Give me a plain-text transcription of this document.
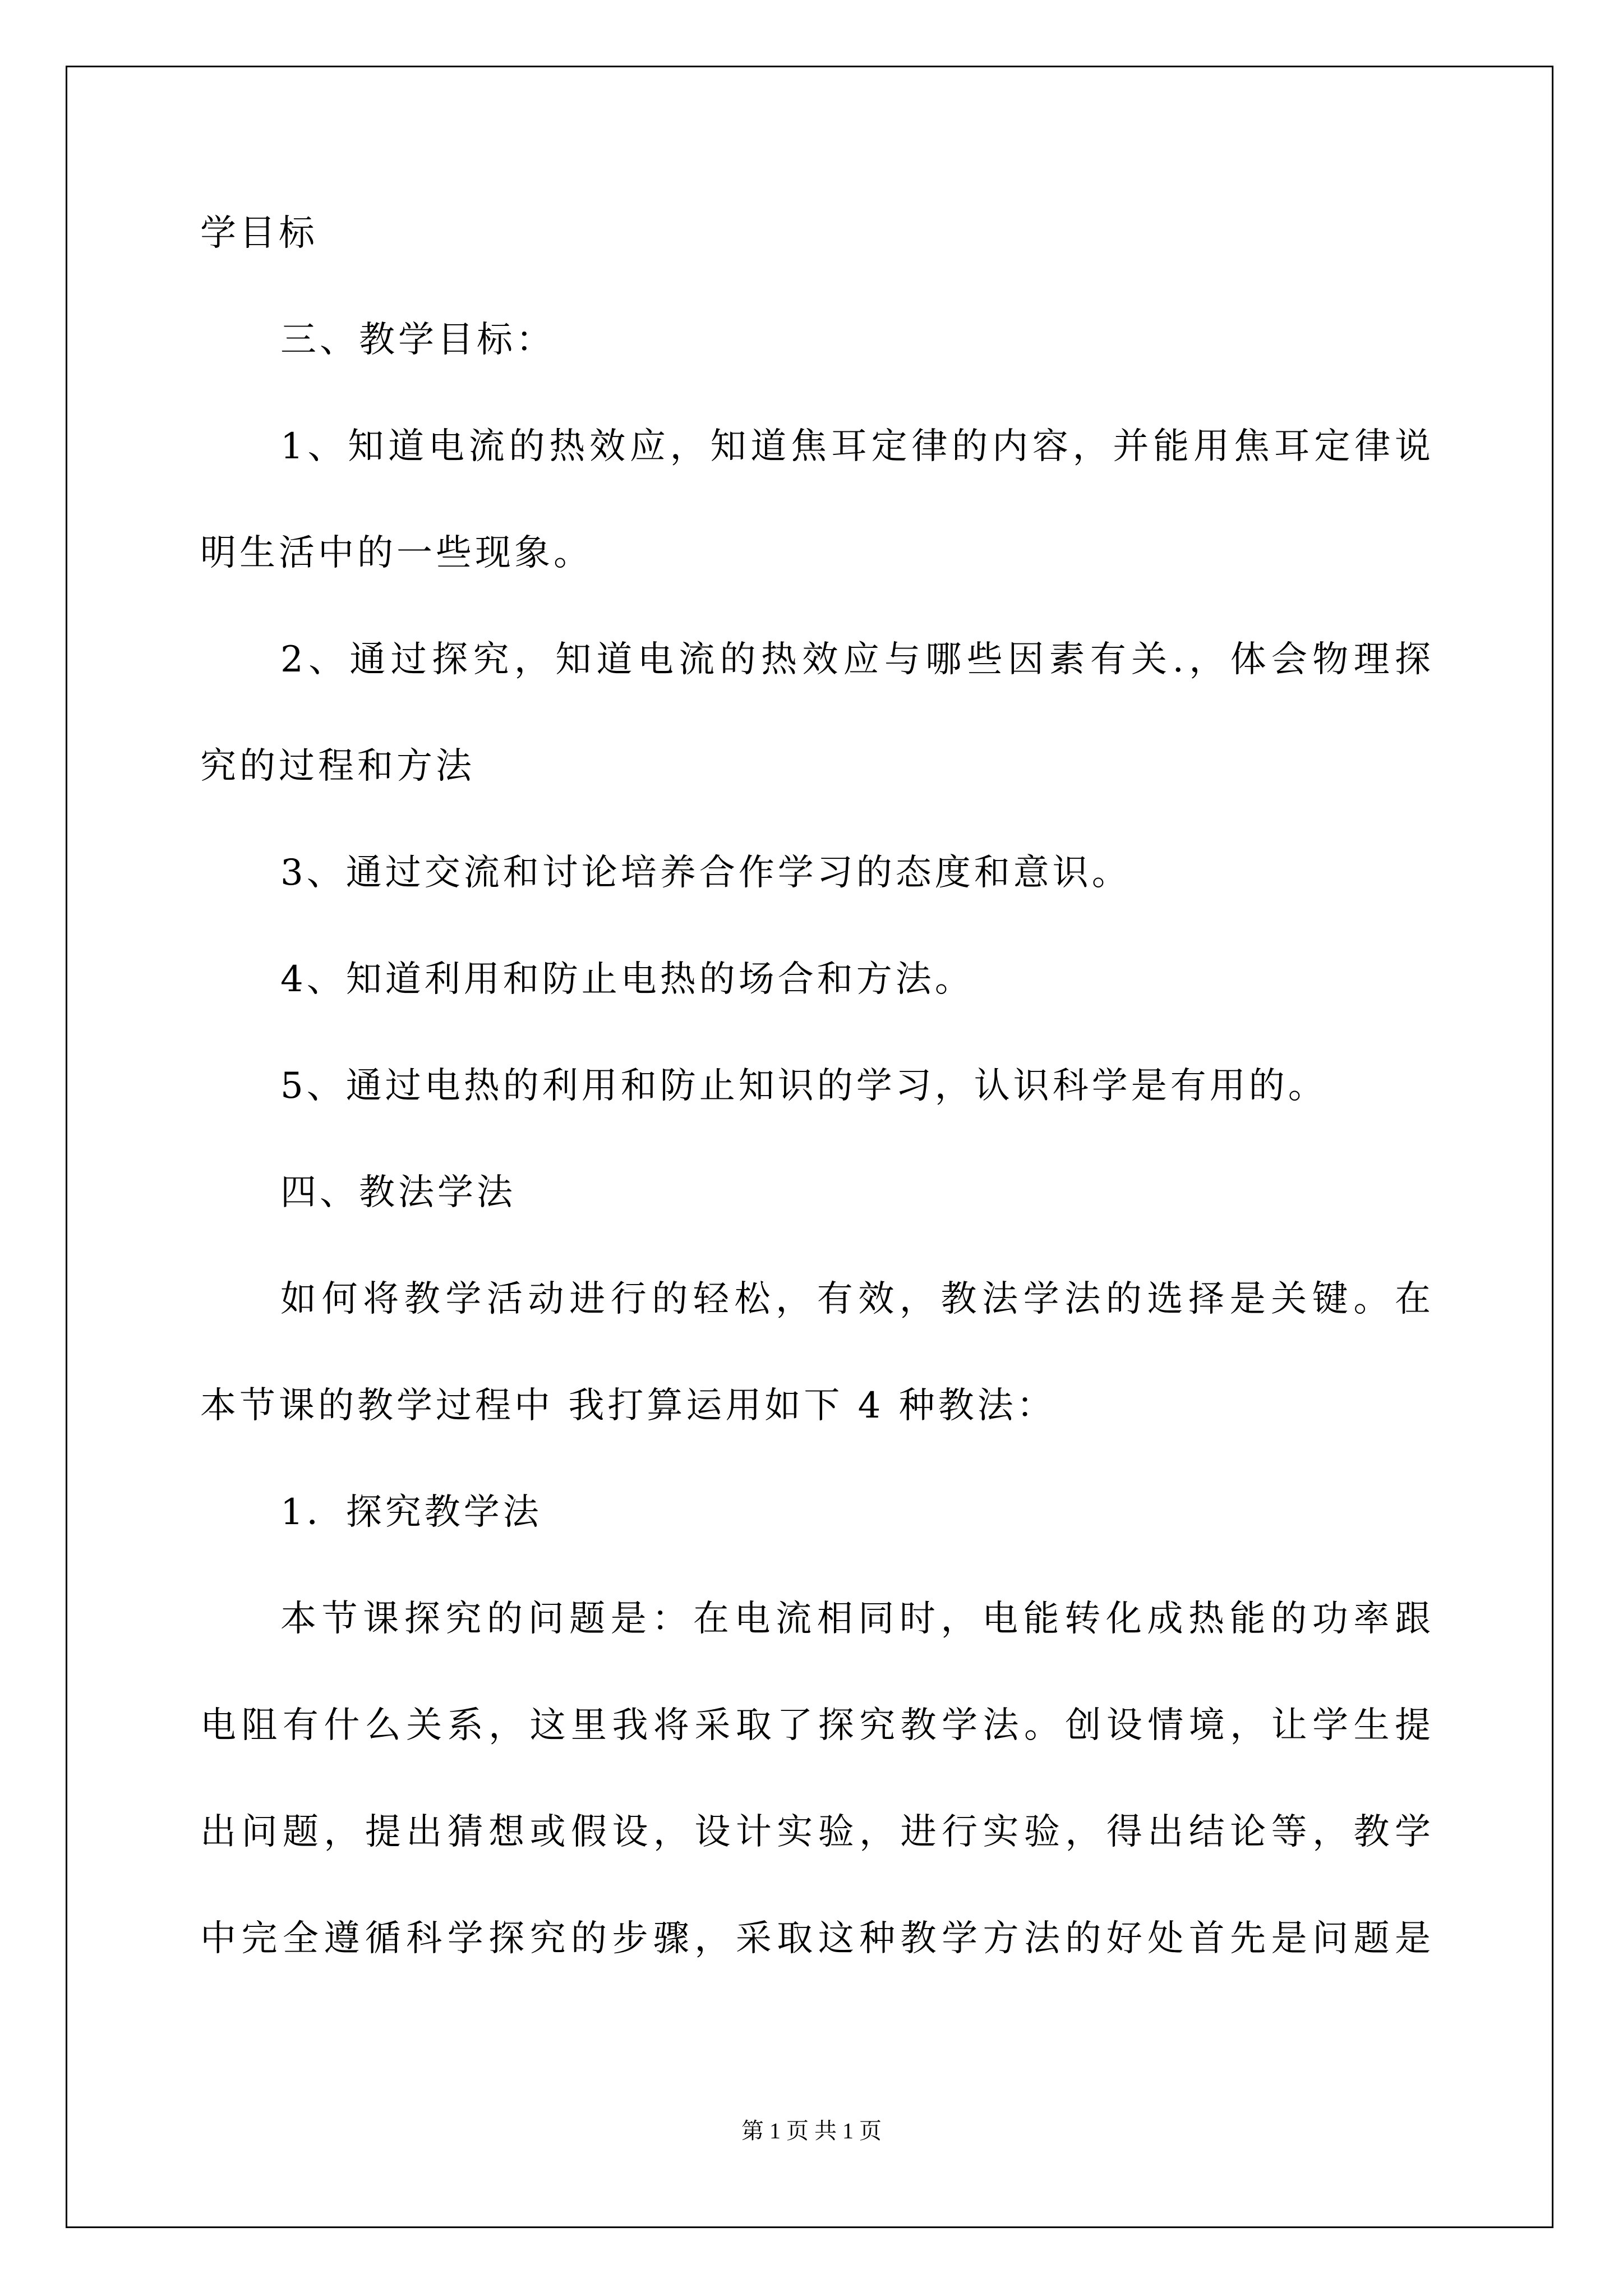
学目标
三、教学目标：
1、知道电流的热效应，知道焦耳定律的内容，并能用焦耳定律说
明生活中的一些现象。
2、通过探究，知道电流的热效应与哪些因素有关.，体会物理探
究的过程和方法
3、通过交流和讨论培养合作学习的态度和意识。
4、知道利用和防止电热的场合和方法。
5、通过电热的利用和防止知识的学习，认识科学是有用的。
四、教法学法
如何将教学活动进行的轻松，有效，教法学法的选择是关键。在
本节课的教学过程中 我打算运用如下 4 种教法：
1．探究教学法
本节课探究的问题是：在电流相同时，电能转化成热能的功率跟
电阻有什么关系，这里我将采取了探究教学法。创设情境，让学生提
出问题，提出猜想或假设，设计实验，进行实验，得出结论等，教学
中完全遵循科学探究的步骤，采取这种教学方法的好处首先是问题是
第 1 页 共 1 页
